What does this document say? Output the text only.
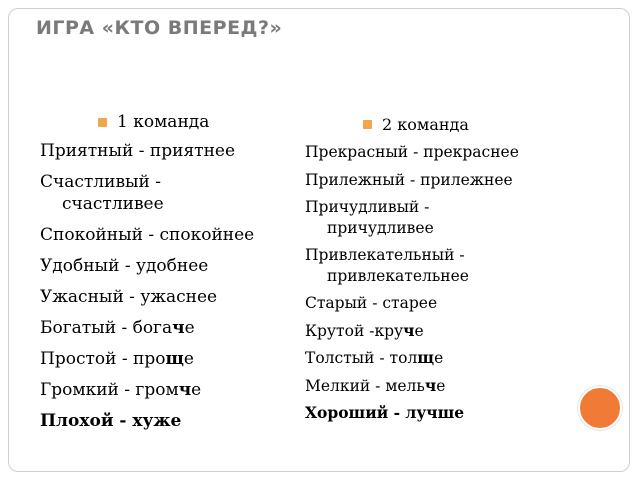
ИГРА «КТО ВПЕРЕД?»
1 команда
Приятный - приятнее
Счастливый -
счастливее
Спокойный - спокойнее
Удобный - удобнее
Ужасный - ужаснее
Богатый - богаче
Простой - проще
Громкий - громче
Плохой - хуже
2 команда
Прекрасный - прекраснее
Прилежный - прилежнее
Причудливый -
причудливее
Привлекательный -
привлекательнее
Старый - старее
Крутой -круче
Толстый - толще
Мелкий - мельче
Хороший - лучше
